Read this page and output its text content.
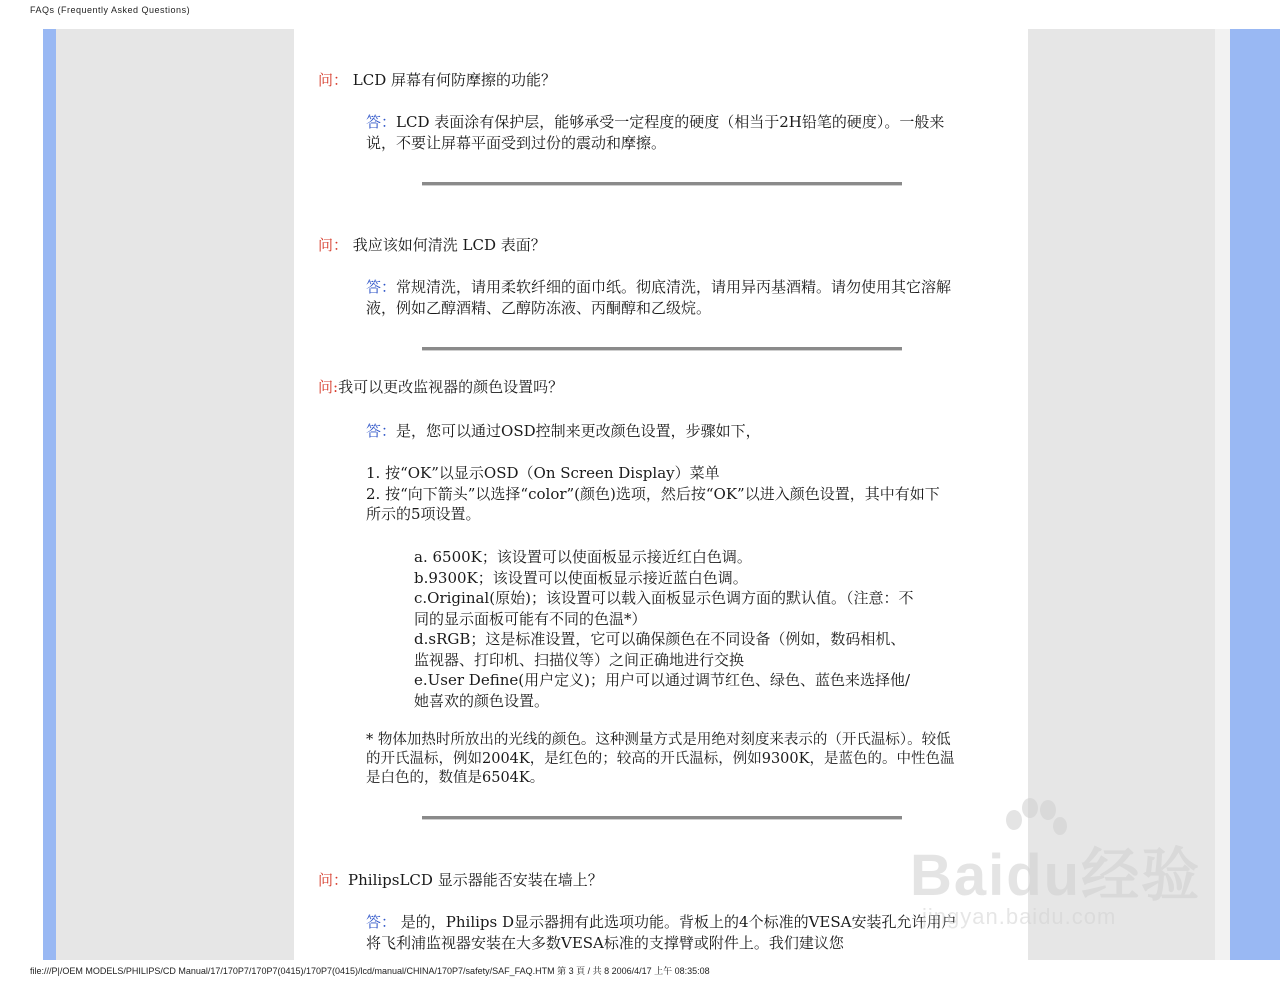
FAQs (Frequently Asked Questions)
问： LCD 屏幕有何防摩擦的功能？
答：LCD 表面涂有保护层，能够承受一定程度的硬度（相当于2H铅笔的硬度）。一般来说，不要让屏幕平面受到过份的震动和摩擦。
问： 我应该如何清洗 LCD 表面？
答：常规清洗，请用柔软纤细的面巾纸。彻底清洗，请用异丙基酒精。请勿使用其它溶解液，例如乙醇酒精、乙醇防冻液、丙酮醇和乙级烷。
问:我可以更改监视器的颜色设置吗？
答：是，您可以通过OSD控制来更改颜色设置，步骤如下，
1. 按“OK”以显示OSD（On Screen Display）菜单
2. 按“向下箭头”以选择“color”(颜色)选项，然后按“OK”以进入颜色设置，其中有如下所示的5项设置。
a. 6500K；该设置可以使面板显示接近红白色调。
b.9300K；该设置可以使面板显示接近蓝白色调。
c.Original(原始)；该设置可以载入面板显示色调方面的默认值。（注意：不同的显示面板可能有不同的色温*）
d.sRGB；这是标准设置，它可以确保颜色在不同设备（例如，数码相机、监视器、打印机、扫描仪等）之间正确地进行交换
e.User Define(用户定义)；用户可以通过调节红色、绿色、蓝色来选择他/她喜欢的颜色设置。
* 物体加热时所放出的光线的颜色。这种测量方式是用绝对刻度来表示的（开氏温标）。较低的开氏温标，例如2004K，是红色的；较高的开氏温标，例如9300K，是蓝色的。中性色温是白色的，数值是6504K。
问：PhilipsLCD 显示器能否安装在墙上？
答： 是的，Philips D显示器拥有此选项功能。背板上的4个标准的VESA安装孔允许用户将飞利浦监视器安装在大多数VESA标准的支撑臂或附件上。我们建议您
Baidu经验
jingyan.baidu.com
file:///P|/OEM MODELS/PHILIPS/CD Manual/17/170P7/170P7(0415)/170P7(0415)/lcd/manual/CHINA/170P7/safety/SAF_FAQ.HTM 第 3 頁 / 共 8 2006/4/17 上午 08:35:08
